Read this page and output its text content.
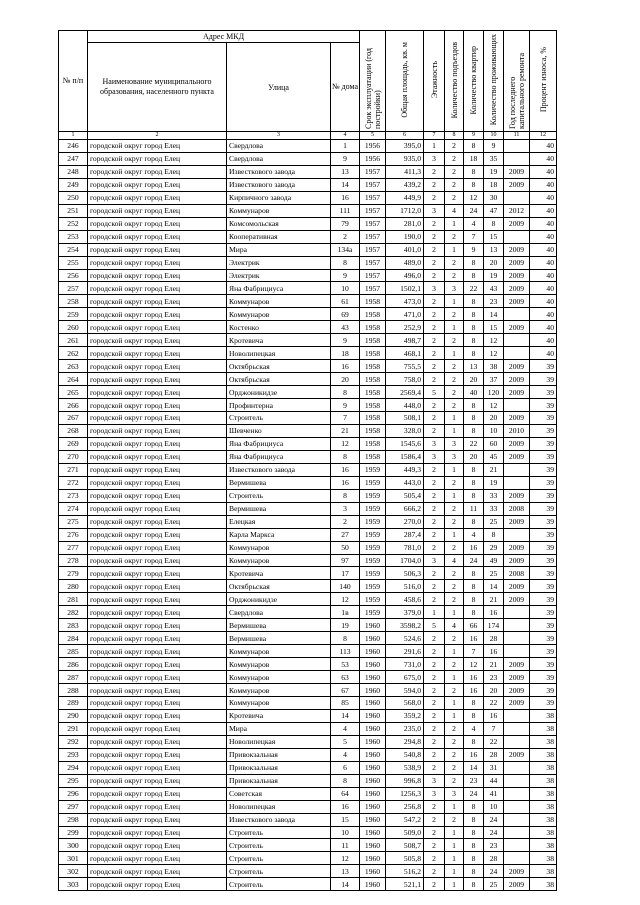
№ п/п	Адрес МКД			Срок эксплуатации (год постройки)	Общая площадь, кв. м	Этажность	Количество подъездов	Количество квартир	Количество проживающих	Год последнего капитального ремонта	Процент износа, %
	Наименование муниципального образования, населенного пункта	Улица	№ дома								
1	2	3	4	5	6	7	8	9	10	11	12
246	городской округ город Елец	Свердлова	1	1956	395,0	1	2	8	9		40
247	городской округ город Елец	Свердлова	9	1956	935,0	3	2	18	35		40
248	городской округ город Елец	Известкового завода	13	1957	411,3	2	2	8	19	2009	40
249	городской округ город Елец	Известкового завода	14	1957	439,2	2	2	8	18	2009	40
250	городской округ город Елец	Кирпичного завода	16	1957	449,9	2	2	12	30		40
251	городской округ город Елец	Коммунаров	111	1957	1712,0	3	4	24	47	2012	40
252	городской округ город Елец	Комсомольская	79	1957	281,0	2	1	4	8	2009	40
253	городской округ город Елец	Кооперативная	2	1957	190,0	2	2	7	15		40
254	городской округ город Елец	Мира	134а	1957	401,0	2	1	9	13	2009	40
255	городской округ город Елец	Электрик	8	1957	489,0	2	2	8	20	2009	40
256	городской округ город Елец	Электрик	9	1957	496,0	2	2	8	19	2009	40
257	городской округ город Елец	Яна Фабрициуса	10	1957	1502,1	3	3	22	43	2009	40
258	городской округ город Елец	Коммунаров	61	1958	473,0	2	1	8	23	2009	40
259	городской округ город Елец	Коммунаров	69	1958	471,0	2	2	8	14		40
260	городской округ город Елец	Костенко	43	1958	252,9	2	1	8	15	2009	40
261	городской округ город Елец	Кротевича	9	1958	498,7	2	2	8	12		40
262	городской округ город Елец	Новолипецкая	18	1958	468,1	2	1	8	12		40
263	городской округ город Елец	Октябрьская	16	1958	755,5	2	2	13	38	2009	39
264	городской округ город Елец	Октябрьская	20	1958	758,0	2	2	20	37	2009	39
265	городской округ город Елец	Орджоникидзе	8	1958	2569,4	5	2	40	120	2009	39
266	городской округ город Елец	Профинтерна	9	1958	448,0	2	2	8	12		39
267	городской округ город Елец	Строитель	7	1958	508,1	2	1	8	20	2009	39
268	городской округ город Елец	Шевченко	21	1958	328,0	2	1	8	10	2010	39
269	городской округ город Елец	Яна Фабрициуса	12	1958	1545,6	3	3	22	60	2009	39
270	городской округ город Елец	Яна Фабрициуса	8	1958	1586,4	3	3	20	45	2009	39
271	городской округ город Елец	Известкового завода	16	1959	449,3	2	1	8	21		39
272	городской округ город Елец	Вермишева	16	1959	443,0	2	2	8	19		39
273	городской округ город Елец	Строитель	8	1959	505,4	2	1	8	33	2009	39
274	городской округ город Елец	Вермишева	3	1959	666,2	2	2	11	33	2008	39
275	городской округ город Елец	Елецкая	2	1959	270,0	2	2	8	25	2009	39
276	городской округ город Елец	Карла Маркса	27	1959	287,4	2	1	4	8		39
277	городской округ город Елец	Коммунаров	50	1959	781,0	2	2	16	29	2009	39
278	городской округ город Елец	Коммунаров	97	1959	1704,0	3	4	24	49	2009	39
279	городской округ город Елец	Кротевича	17	1959	506,3	2	2	8	25	2008	39
280	городской округ город Елец	Октябрьская	140	1959	516,0	2	2	8	14	2009	39
281	городской округ город Елец	Орджоникидзе	12	1959	458,6	2	2	8	21	2009	39
282	городской округ город Елец	Свердлова	1в	1959	379,0	1	1	8	16		39
283	городской округ город Елец	Вермишева	19	1960	3598,2	5	4	66	174		39
284	городской округ город Елец	Вермишева	8	1960	524,6	2	2	16	28		39
285	городской округ город Елец	Коммунаров	113	1960	291,6	2	1	7	16		39
286	городской округ город Елец	Коммунаров	53	1960	731,0	2	2	12	21	2009	39
287	городской округ город Елец	Коммунаров	63	1960	675,0	2	1	16	23	2009	39
288	городской округ город Елец	Коммунаров	67	1960	594,0	2	2	16	20	2009	39
289	городской округ город Елец	Коммунаров	85	1960	568,0	2	1	8	22	2009	39
290	городской округ город Елец	Кротевича	14	1960	359,2	2	1	8	16		38
291	городской округ город Елец	Мира	4	1960	235,0	2	2	4	7		38
292	городской округ город Елец	Новолипецкая	5	1960	294,8	2	2	8	22		38
293	городской округ город Елец	Привокзальная	4	1960	540,8	2	2	16	28	2009	38
294	городской округ город Елец	Привокзальная	6	1960	538,9	2	2	14	31		38
295	городской округ город Елец	Привокзальная	8	1960	996,8	3	2	23	44		38
296	городской округ город Елец	Советская	64	1960	1256,3	3	3	24	41		38
297	городской округ город Елец	Новолипецкая	16	1960	256,8	2	1	8	10		38
298	городской округ город Елец	Известкового завода	15	1960	547,2	2	2	8	24		38
299	городской округ город Елец	Строитель	10	1960	509,0	2	1	8	24		38
300	городской округ город Елец	Строитель	11	1960	508,7	2	1	8	23		38
301	городской округ город Елец	Строитель	12	1960	505,8	2	1	8	28		38
302	городской округ город Елец	Строитель	13	1960	516,2	2	1	8	24	2009	38
303	городской округ город Елец	Строитель	14	1960	521,1	2	1	8	25	2009	38
